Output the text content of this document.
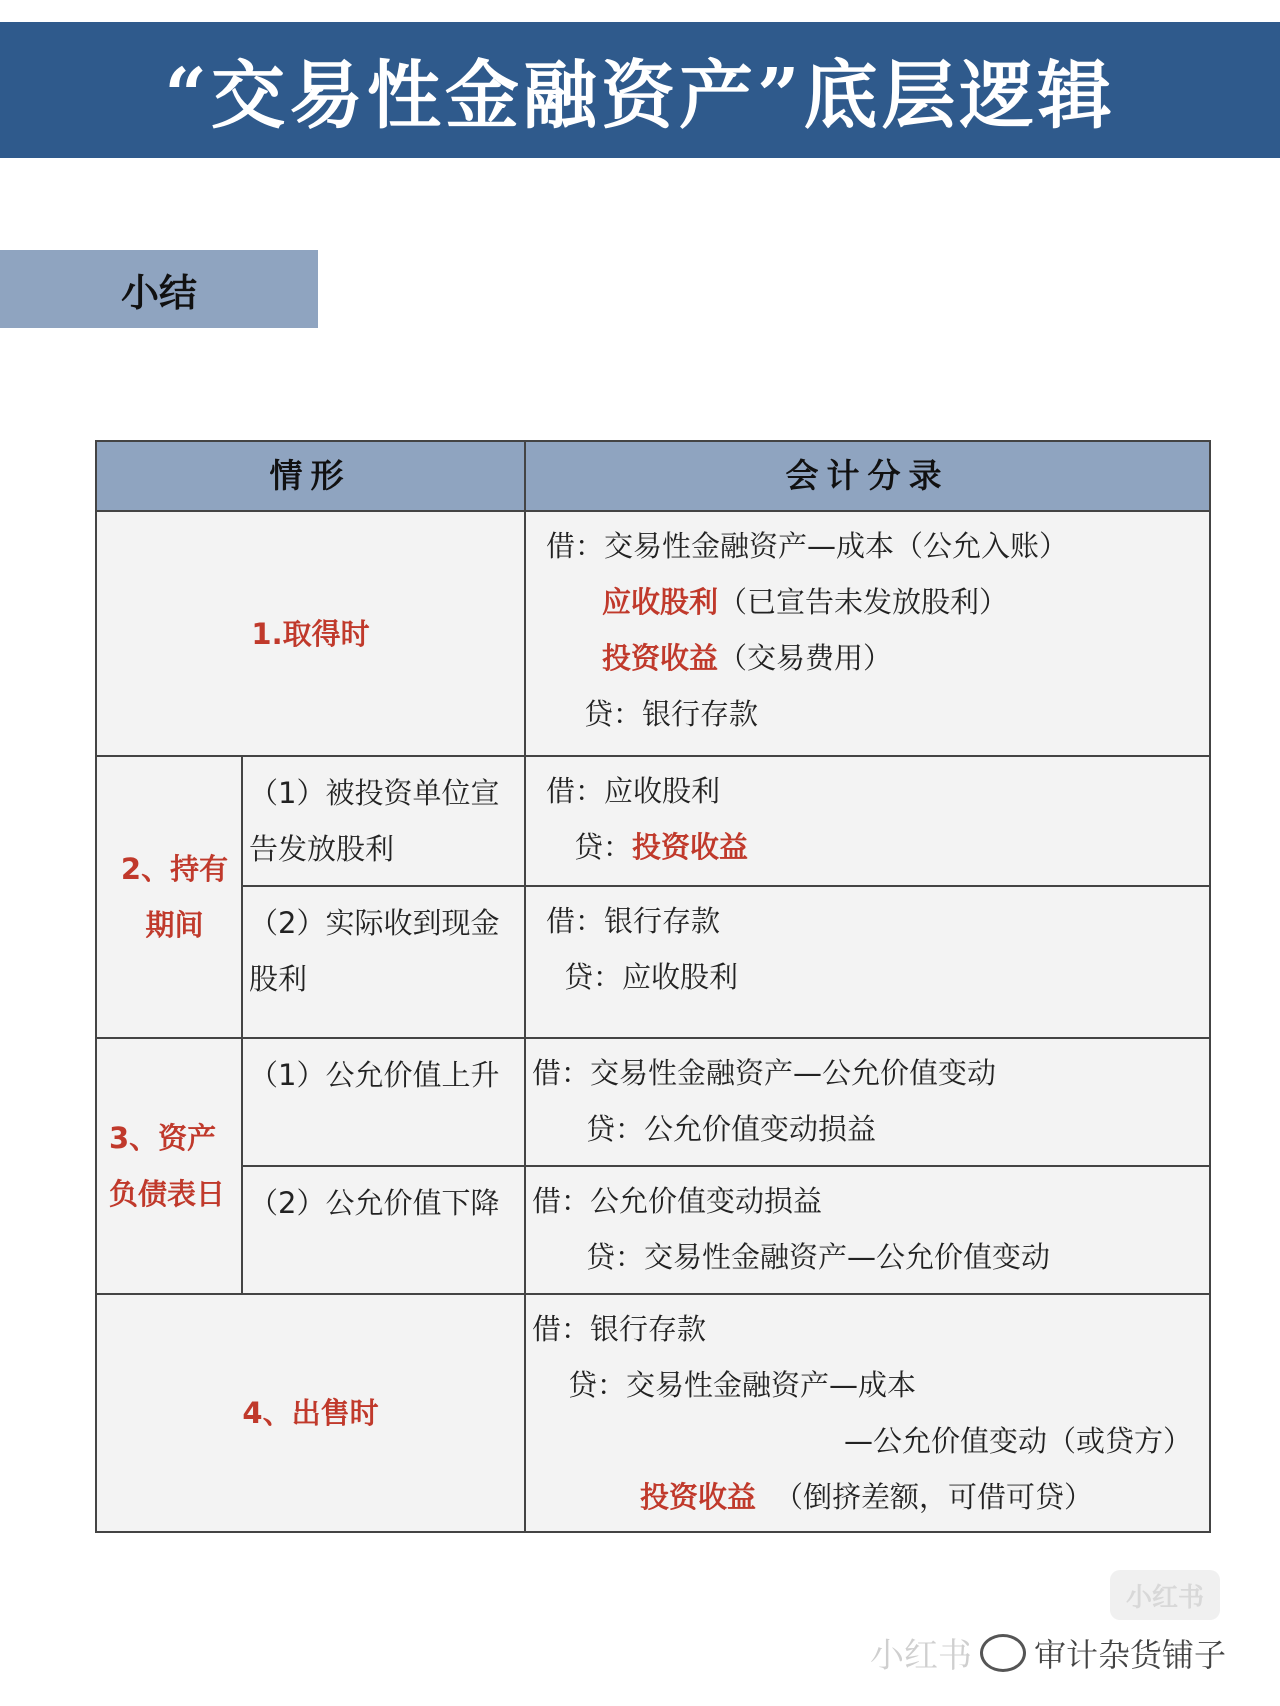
“交易性金融资产”底层逻辑
小结
情形		会计分录
1.取得时		借：交易性金融资产—成本（公允入账）
应收股利（已宣告未发放股利）
投资收益（交易费用）
贷：银行存款

2、持有期间	（1）被投资单位宣告发放股利	借：应收股利
贷：投资收益

	（2）实际收到现金股利	借：银行存款
贷：应收股利

3、资产负债表日	（1）公允价值上升	借：交易性金融资产—公允价值变动
贷：公允价值变动损益

	（2）公允价值下降	借：公允价值变动损益
贷：交易性金融资产—公允价值变动

4、出售时		借：银行存款
贷：交易性金融资产—成本
—公允价值变动（或贷方）
投资收益 （倒挤差额，可借可贷）
小红书
小红书 审计杂货铺子
